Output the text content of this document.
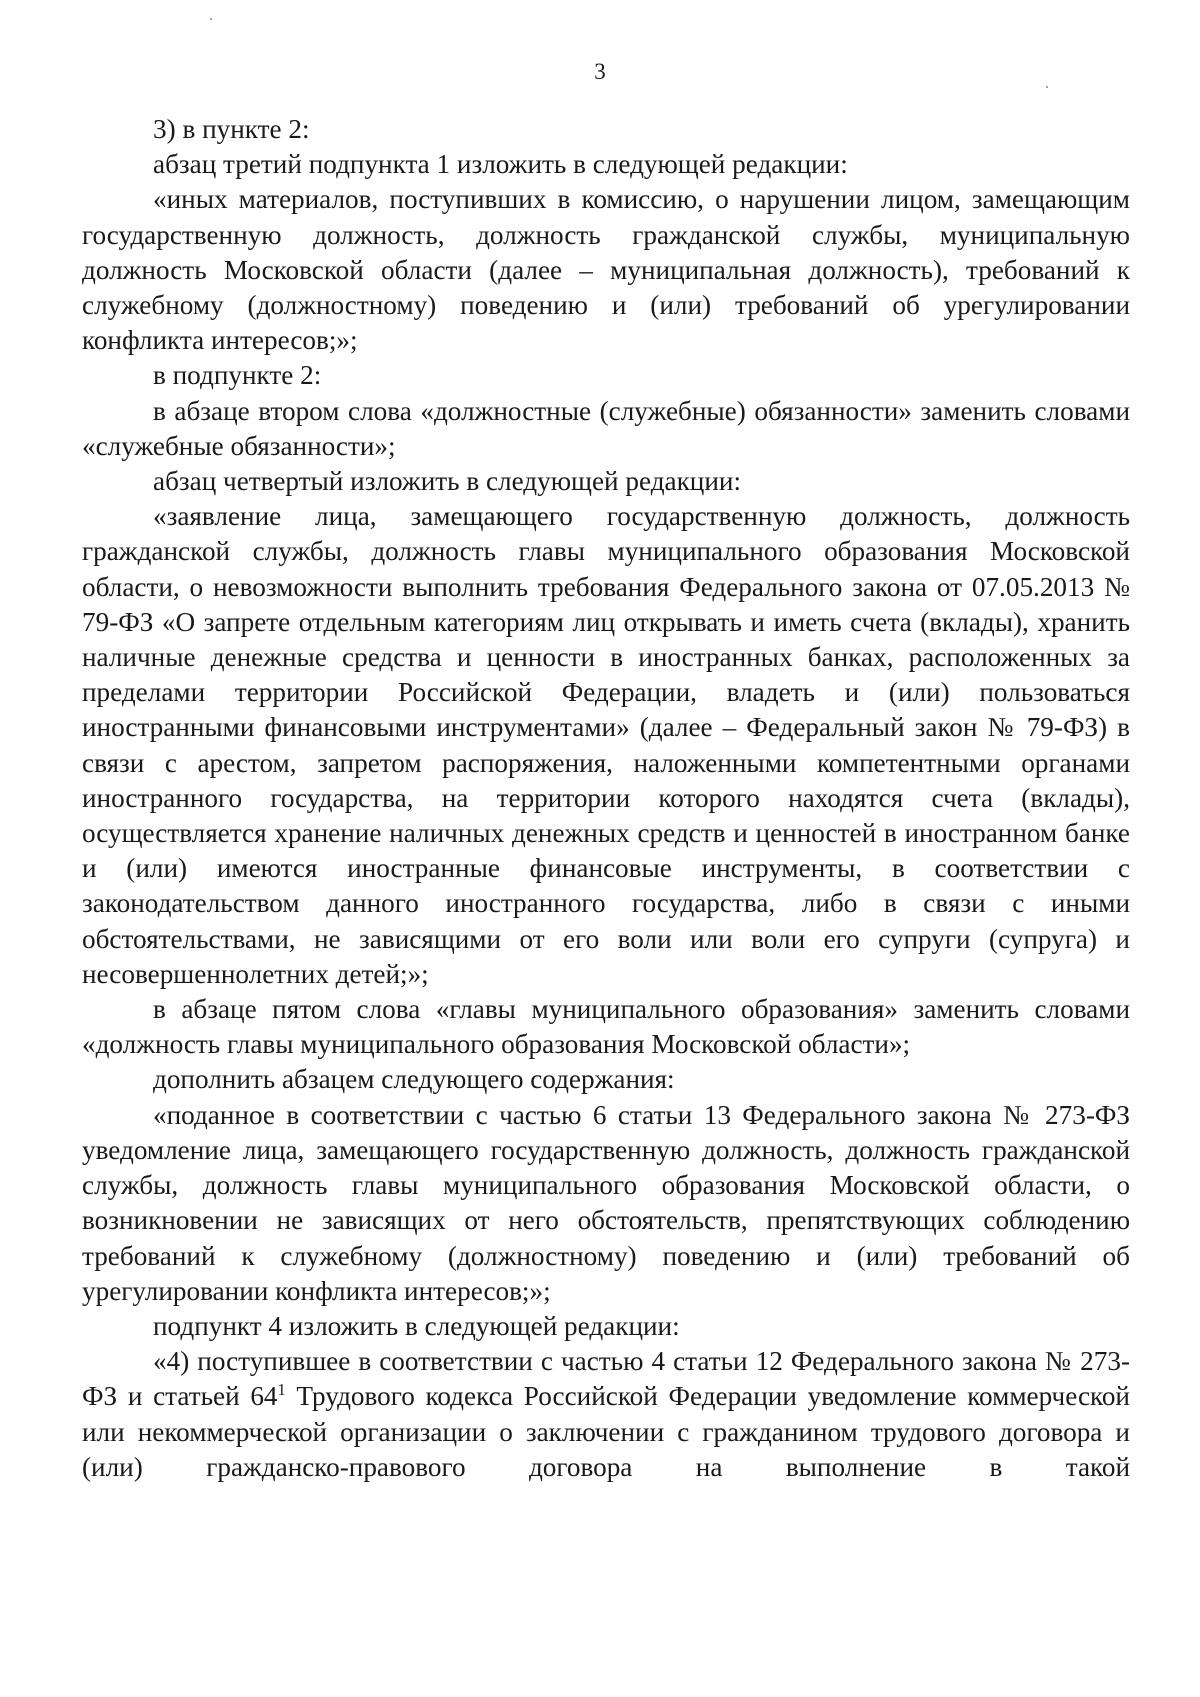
3

3) в пункте 2:

абзац третий подпункта 1 изложить в следующей редакции:

«иных материалов, поступивших в комиссию, о нарушении лицом, замещающим государственную должность, должность гражданской службы, муниципальную должность Московской области (далее – муниципальная должность), требований к служебному (должностному) поведению и (или) требований об урегулировании конфликта интересов;»;

в подпункте 2:

в абзаце втором слова «должностные (служебные) обязанности» заменить словами «служебные обязанности»;

абзац четвертый изложить в следующей редакции:

«заявление лица, замещающего государственную должность, должность гражданской службы, должность главы муниципального образования Московской области, о невозможности выполнить требования Федерального закона от 07.05.2013 № 79-ФЗ «О запрете отдельным категориям лиц открывать и иметь счета (вклады), хранить наличные денежные средства и ценности в иностранных банках, расположенных за пределами территории Российской Федерации, владеть и (или) пользоваться иностранными финансовыми инструментами» (далее – Федеральный закон № 79-ФЗ) в связи с арестом, запретом распоряжения, наложенными компетентными органами иностранного государства, на территории которого находятся счета (вклады), осуществляется хранение наличных денежных средств и ценностей в иностранном банке и (или) имеются иностранные финансовые инструменты, в соответствии с законодательством данного иностранного государства, либо в связи с иными обстоятельствами, не зависящими от его воли или воли его супруги (супруга) и несовершеннолетних детей;»;

в абзаце пятом слова «главы муниципального образования» заменить словами «должность главы муниципального образования Московской области»;

дополнить абзацем следующего содержания:

«поданное в соответствии с частью 6 статьи 13 Федерального закона № 273-ФЗ уведомление лица, замещающего государственную должность, должность гражданской службы, должность главы муниципального образования Московской области, о возникновении не зависящих от него обстоятельств, препятствующих соблюдению требований к служебному (должностному) поведению и (или) требований об урегулировании конфликта интересов;»;

подпункт 4 изложить в следующей редакции:

«4) поступившее в соответствии с частью 4 статьи 12 Федерального закона № 273-ФЗ и статьей $64^1$ Трудового кодекса Российской Федерации уведомление коммерческой или некоммерческой организации о заключении с гражданином трудового договора и (или) гражданско-правового договора на выполнение в такой
